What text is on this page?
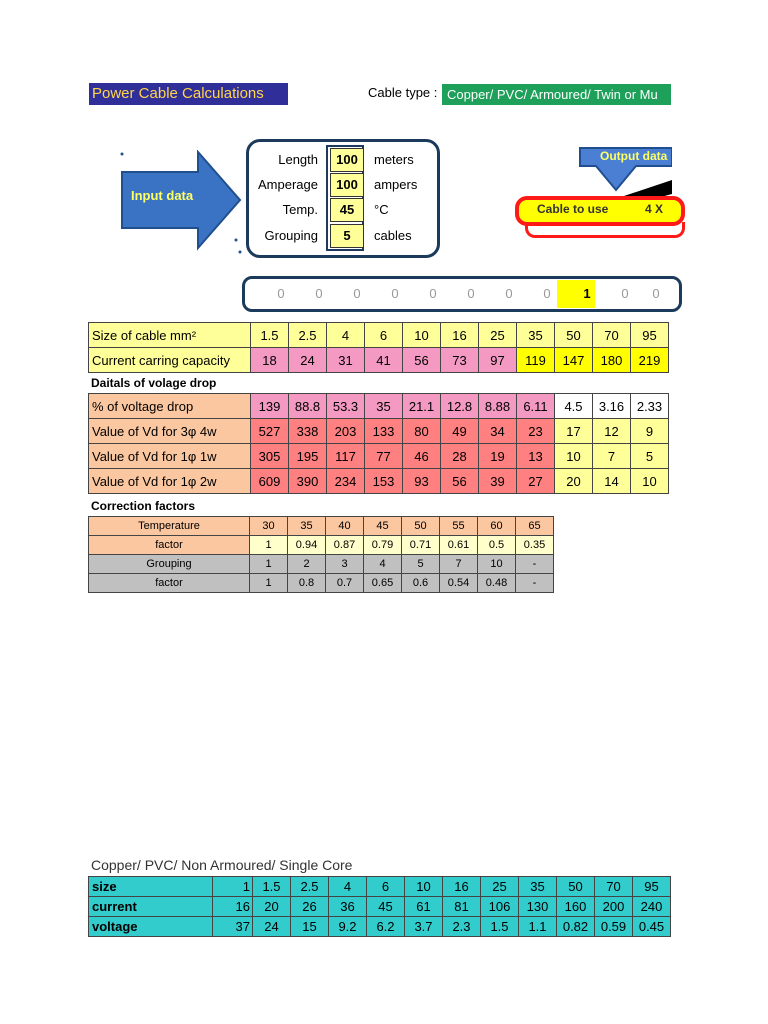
Power Cable Calculations	Cable type : Copper/ PVC/ Armoured/ Twin or Mu
Input data
Length	100	meters
Amperage	100	ampers
Temp.	45	°C
Grouping	5	cables
Output data
Cable to use	4 X
0	0	0	0	0	0	0	0	1	0	0
Size of cable mm²	1.5	2.5	4	6	10	16	25	35	50	70	95
Current carring capacity	18	24	31	41	56	73	97	119	147	180	219
Daitals of volage drop
% of voltage drop	139	88.8	53.3	35	21.1	12.8	8.88	6.11	4.5	3.16	2.33
Value of Vd for 3φ 4w	527	338	203	133	80	49	34	23	17	12	9
Value of Vd for 1φ 1w	305	195	117	77	46	28	19	13	10	7	5
Value of Vd for 1φ 2w	609	390	234	153	93	56	39	27	20	14	10
Correction factors
Temperature	30	35	40	45	50	55	60	65
factor	1	0.94	0.87	0.79	0.71	0.61	0.5	0.35
Grouping	1	2	3	4	5	7	10	-
factor	1	0.8	0.7	0.65	0.6	0.54	0.48	-
Copper/ PVC/ Non Armoured/ Single Core
size	1	1.5	2.5	4	6	10	16	25	35	50	70	95
current	16	20	26	36	45	61	81	106	130	160	200	240
voltage	37	24	15	9.2	6.2	3.7	2.3	1.5	1.1	0.82	0.59	0.45
